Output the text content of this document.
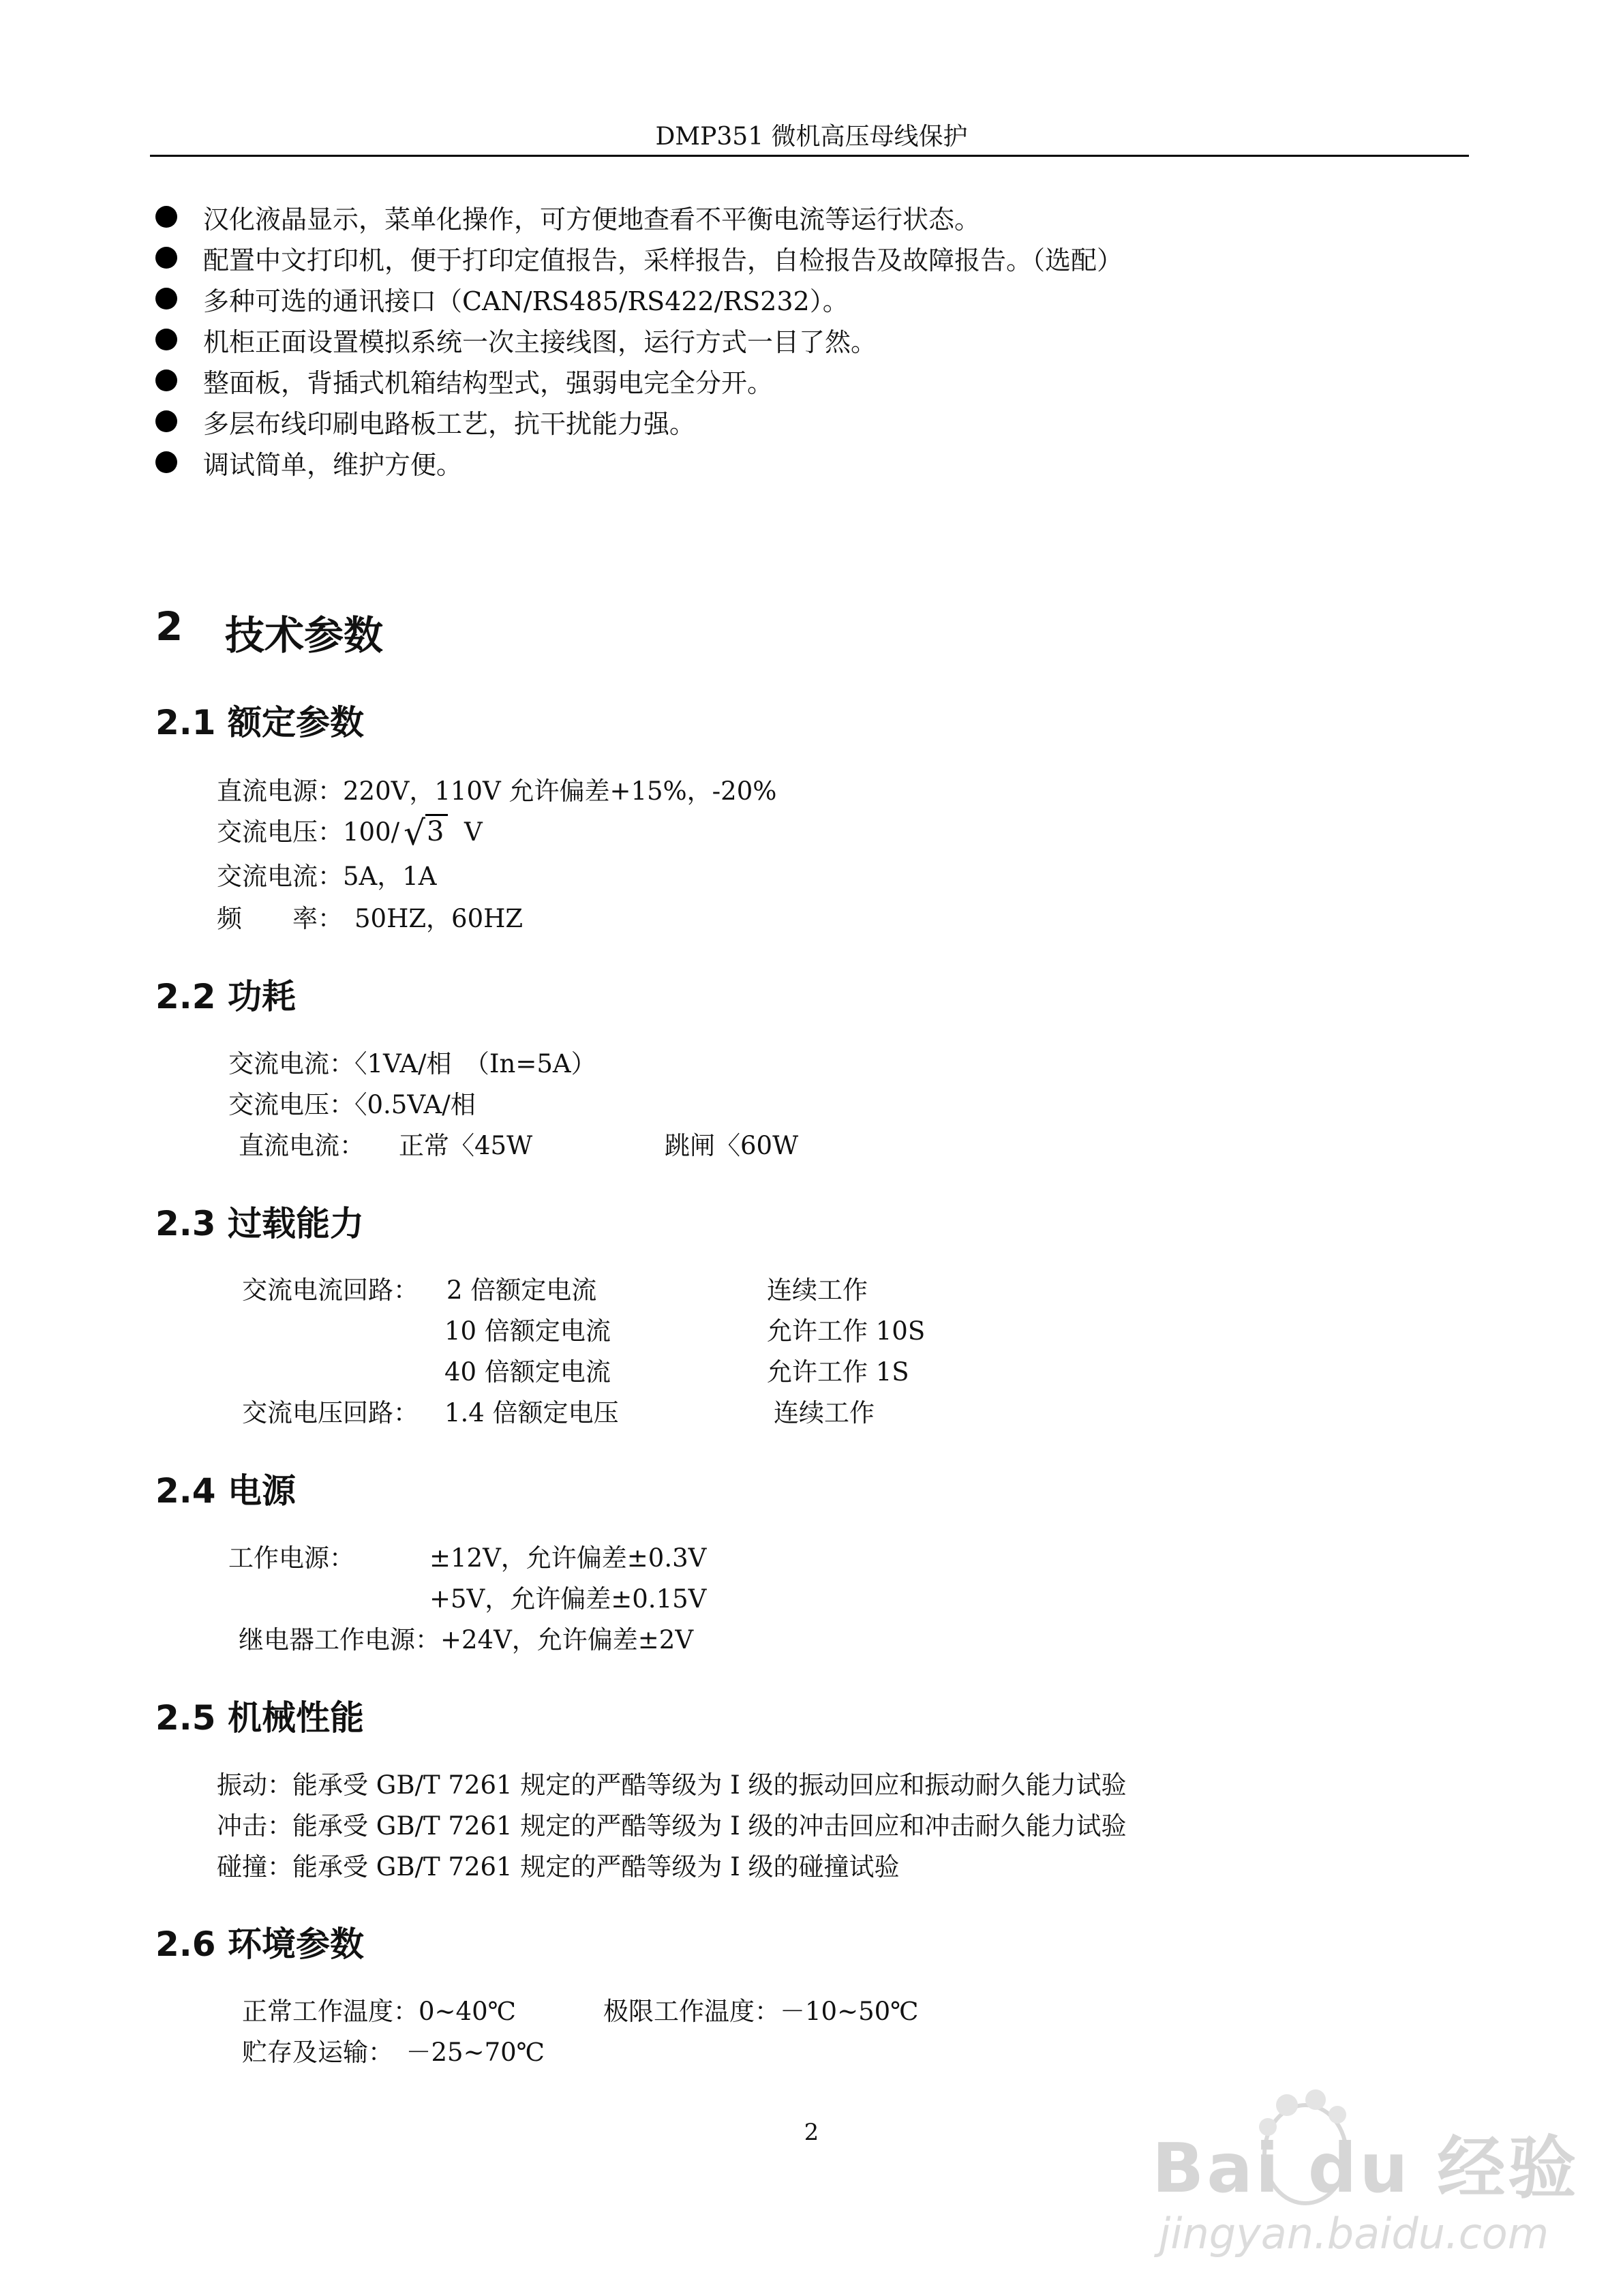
DMP351 微机高压母线保护
汉化液晶显示，菜单化操作，可方便地查看不平衡电流等运行状态。
配置中文打印机，便于打印定值报告，采样报告，自检报告及故障报告。（选配）
多种可选的通讯接口（CAN/RS485/RS422/RS232）。
机柜正面设置模拟系统一次主接线图，运行方式一目了然。
整面板，背插式机箱结构型式，强弱电完全分开。
多层布线印刷电路板工艺，抗干扰能力强。
调试简单，维护方便。
2 技术参数
2.1 额定参数
直流电源：220V，110V 允许偏差+15%，-20%
交流电压：100/ √3 V
交流电流：5A，1A
频　　率： 50HZ，60HZ
2.2 功耗
交流电流：〈1VA/相　（In=5A）
交流电压：〈0.5VA/相
直流电流： 正常〈45W	跳闸〈60W
2.3 过载能力
交流电流回路： 2 倍额定电流	连续工作
10 倍额定电流	允许工作 10S
40 倍额定电流	允许工作 1S
交流电压回路： 1.4 倍额定电压	连续工作
2.4 电源
工作电源：	±12V，允许偏差±0.3V
+5V，允许偏差±0.15V
继电器工作电源：+24V，允许偏差±2V
2.5 机械性能
振动：能承受 GB/T 7261 规定的严酷等级为 I 级的振动回应和振动耐久能力试验
冲击：能承受 GB/T 7261 规定的严酷等级为 I 级的冲击回应和冲击耐久能力试验
碰撞：能承受 GB/T 7261 规定的严酷等级为 I 级的碰撞试验
2.6 环境参数
正常工作温度：0~40℃	极限工作温度：－10~50℃
贮存及运输：　－25~70℃
2	Bai du 经验
jingyan.baidu.com
